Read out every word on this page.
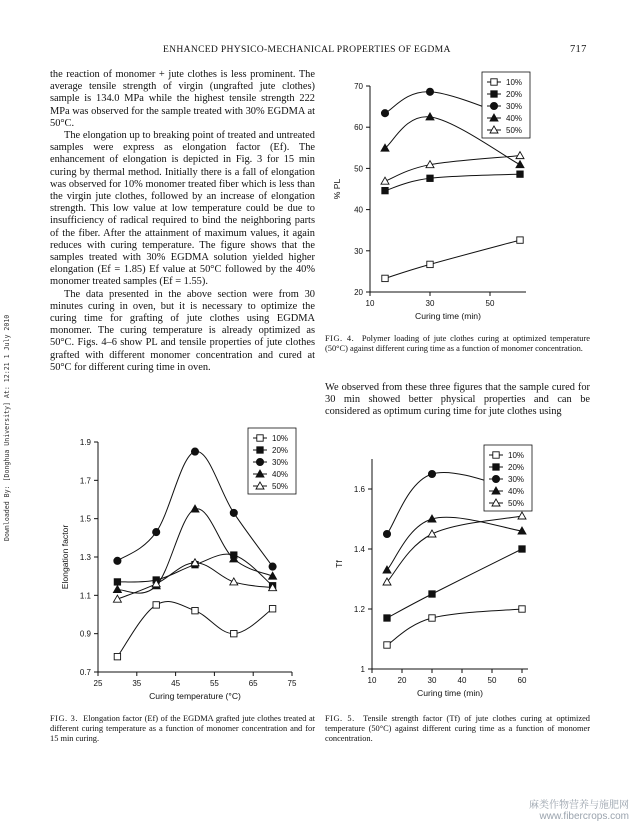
ENHANCED PHYSICO-MECHANICAL PROPERTIES OF EGDMA	717
Downloaded By: [Donghua University] At: 12:21 1 July 2010

the reaction of monomer + jute clothes is less prominent. The average tensile strength of virgin (ungrafted jute clothes) sample is 134.0 MPa while the highest tensile strength 222 MPa was observed for the sample treated with 30% EGDMA at 50°C.

The elongation up to breaking point of treated and untreated samples were express as elongation factor (Ef). The enhancement of elongation is depicted in Fig. 3 for 15 min curing by thermal method. Initially there is a fall of elongation was observed for 10% monomer treated fiber which is less than the virgin jute clothes, followed by an increase of elongation strength. This low value at low temperature could be due to insufficiency of radical required to bind the neighboring parts of the fiber. After the attainment of maximum values, it again reduces with curing temperature. The figure shows that the samples treated with 30% EGDMA solution yielded higher elongation (Ef = 1.85) Ef value at 50°C followed by the 40% monomer treated samples (Ef = 1.55).

The data presented in the above section were from 30 minutes curing in oven, but it is necessary to optimize the curing time for grafting of jute clothes using EGDMA monomer. The curing temperature is already optimized as 50°C. Figs. 4–6 show PL and tensile properties of jute clothes grafted with different monomer concentration and cured at 50°C for different curing time in oven.

We observed from these three figures that the sample cured for 30 min showed better physical properties and can be considered as optimum curing time for jute clothes using

20
30
40
50
60
70
10	30	50
Curing time (min)
% PL
10%
20%
30%
40%
50%

FIG. 4. Polymer loading of jute clothes curing at optimized temperature (50°C) against different curing time as a function of monomer concentration.

0.7
0.9
1.1
1.3
1.5
1.7
1.9
25	35	45	55	65	75
Curing temperature (°C)
Elongation factor
10%
20%
30%
40%
50%

FIG. 3. Elongation factor (Ef) of the EGDMA grafted jute clothes treated at different curing temperature as a function of monomer concentration and for 15 min curing.

1
1.2
1.4
1.6
10	20	30	40	50	60
Curing time (min)
Tf
10%
20%
30%
40%
50%

FIG. 5. Tensile strength factor (Tf) of jute clothes curing at optimized temperature (50°C) against different curing time as a function of monomer concentration.

麻类作物营养与施肥网
www.fibercrops.com
